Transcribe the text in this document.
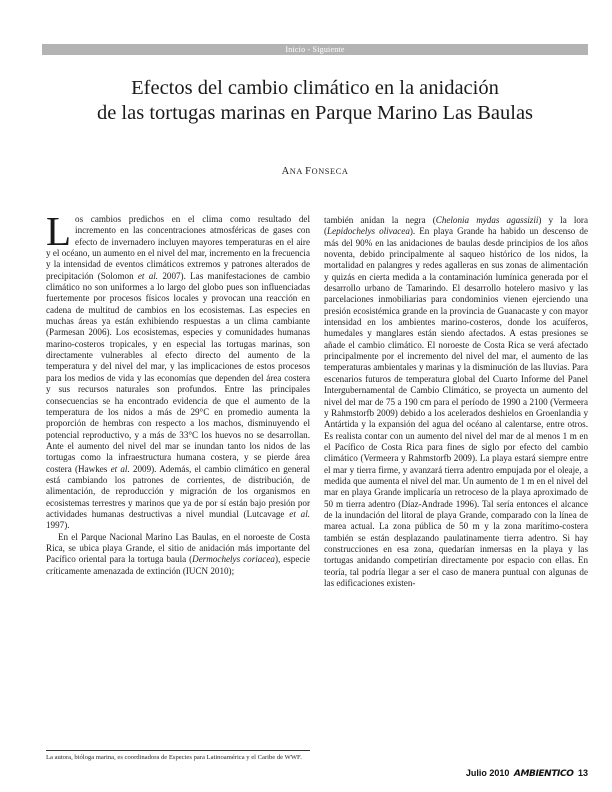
Inicio - Siguiente
Efectos del cambio climático en la anidación
de las tortugas marinas en Parque Marino Las Baulas
ANA FONSECA

Los cambios predichos en el clima como resultado del incremento en las concentraciones atmosféricas de gases con efecto de invernadero incluyen mayores temperaturas en el aire y el océano, un aumento en el nivel del mar, incremento en la frecuencia y la intensidad de eventos climáticos extremos y patrones alterados de precipitación (Solomon et al. 2007). Las manifestaciones de cambio climático no son uniformes a lo largo del globo pues son influenciadas fuertemente por procesos físicos locales y provocan una reacción en cadena de multitud de cambios en los ecosistemas. Las especies en muchas áreas ya están exhibiendo respuestas a un clima cambiante (Parmesan 2006). Los ecosistemas, especies y comunidades humanas marino-costeros tropicales, y en especial las tortugas marinas, son directamente vulnerables al efecto directo del aumento de la temperatura y del nivel del mar, y las implicaciones de estos procesos para los medios de vida y las economías que dependen del área costera y sus recursos naturales son profundos. Entre las principales consecuencias se ha encontrado evidencia de que el aumento de la temperatura de los nidos a más de 29°C en promedio aumenta la proporción de hembras con respecto a los machos, disminuyendo el potencial reproductivo, y a más de 33°C los huevos no se desarrollan. Ante el aumento del nivel del mar se inundan tanto los nidos de las tortugas como la infraestructura humana costera, y se pierde área costera (Hawkes et al. 2009). Además, el cambio climático en general está cambiando los patrones de corrientes, de distribución, de alimentación, de reproducción y migración de los organismos en ecosistemas terrestres y marinos que ya de por sí están bajo presión por actividades humanas destructivas a nivel mundial (Lutcavage et al. 1997).

En el Parque Nacional Marino Las Baulas, en el noroeste de Costa Rica, se ubica playa Grande, el sitio de anidación más importante del Pacífico oriental para la tortuga baula (Dermochelys coriacea), especie críticamente amenazada de extinción (IUCN 2010);

también anidan la negra (Chelonia mydas agassizii) y la lora (Lepidochelys olivacea). En playa Grande ha habido un descenso de más del 90% en las anidaciones de baulas desde principios de los años noventa, debido principalmente al saqueo histórico de los nidos, la mortalidad en palangres y redes agalleras en sus zonas de alimentación y quizás en cierta medida a la contaminación lumínica generada por el desarrollo urbano de Tamarindo. El desarrollo hotelero masivo y las parcelaciones inmobiliarias para condominios vienen ejerciendo una presión ecosistémica grande en la provincia de Guanacaste y con mayor intensidad en los ambientes marino-costeros, donde los acuíferos, humedales y manglares están siendo afectados. A estas presiones se añade el cambio climático. El noroeste de Costa Rica se verá afectado principalmente por el incremento del nivel del mar, el aumento de las temperaturas ambientales y marinas y la disminución de las lluvias. Para escenarios futuros de temperatura global del Cuarto Informe del Panel Intergubernamental de Cambio Climático, se proyecta un aumento del nivel del mar de 75 a 190 cm para el período de 1990 a 2100 (Vermeera y Rahmstorfb 2009) debido a los acelerados deshielos en Groenlandia y Antártida y la expansión del agua del océano al calentarse, entre otros. Es realista contar con un aumento del nivel del mar de al menos 1 m en el Pacífico de Costa Rica para fines de siglo por efecto del cambio climático (Vermeera y Rahmstorfb 2009). La playa estará siempre entre el mar y tierra firme, y avanzará tierra adentro empujada por el oleaje, a medida que aumenta el nivel del mar. Un aumento de 1 m en el nivel del mar en playa Grande implicaría un retroceso de la playa aproximado de 50 m tierra adentro (Díaz-Andrade 1996). Tal sería entonces el alcance de la inundación del litoral de playa Grande, comparado con la línea de marea actual. La zona pública de 50 m y la zona marítimo-costera también se están desplazando paulatinamente tierra adentro. Si hay construcciones en esa zona, quedarían inmersas en la playa y las tortugas anidando competirían directamente por espacio con ellas. En teoría, tal podría llegar a ser el caso de manera puntual con algunas de las edificaciones existen-

La autora, bióloga marina, es coordinadora de Especies para Latinoamérica y el Caribe de WWF.
Julio 2010 AMBIENTICO 13
